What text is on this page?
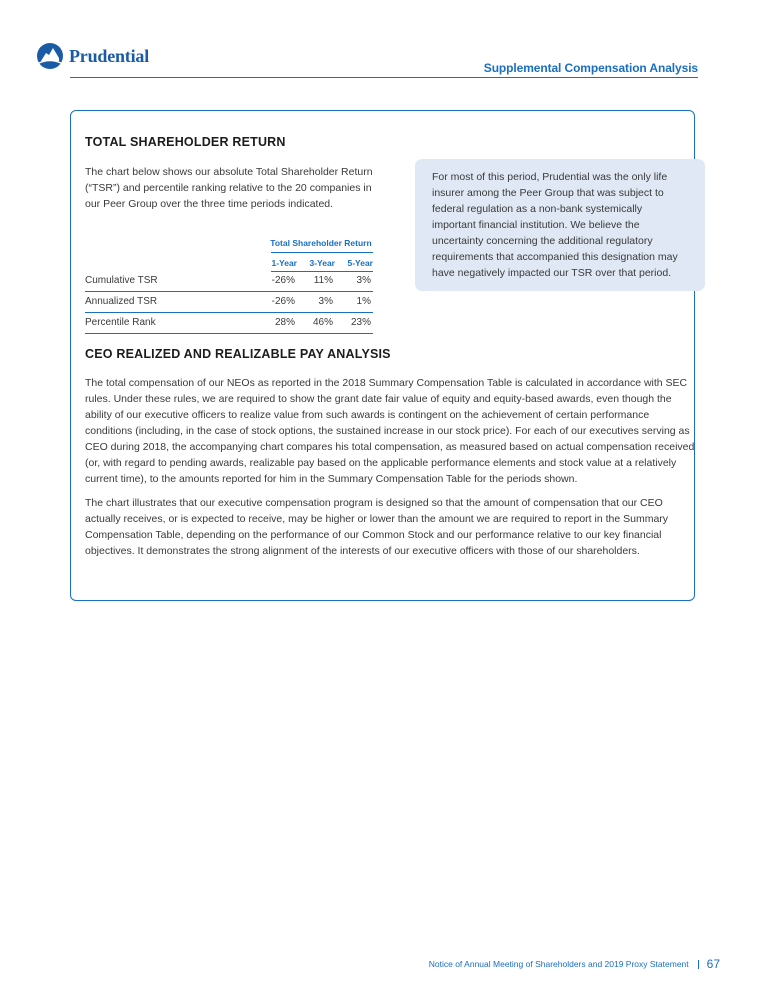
Prudential
Supplemental Compensation Analysis
TOTAL SHAREHOLDER RETURN

The chart below shows our absolute Total Shareholder Return (“TSR”) and percentile ranking relative to the 20 companies in our Peer Group over the three time periods indicated.

Total Shareholder Return
1-Year	3-Year	5-Year
Cumulative TSR	-26%	11%	3%
Annualized TSR	-26%	3%	1%
Percentile Rank	28%	46%	23%
For most of this period, Prudential was the only life insurer among the Peer Group that was subject to federal regulation as a non-bank systemically important financial institution. We believe the uncertainty concerning the additional regulatory requirements that accompanied this designation may have negatively impacted our TSR over that period.
CEO REALIZED AND REALIZABLE PAY ANALYSIS

The total compensation of our NEOs as reported in the 2018 Summary Compensation Table is calculated in accordance with SEC rules. Under these rules, we are required to show the grant date fair value of equity and equity-based awards, even though the ability of our executive officers to realize value from such awards is contingent on the achievement of certain performance conditions (including, in the case of stock options, the sustained increase in our stock price). For each of our executives serving as CEO during 2018, the accompanying chart compares his total compensation, as measured based on actual compensation received (or, with regard to pending awards, realizable pay based on the applicable performance elements and stock value at a relatively current time), to the amounts reported for him in the Summary Compensation Table for the periods shown.

The chart illustrates that our executive compensation program is designed so that the amount of compensation that our CEO actually receives, or is expected to receive, may be higher or lower than the amount we are required to report in the Summary Compensation Table, depending on the performance of our Common Stock and our performance relative to our key financial objectives. It demonstrates the strong alignment of the interests of our executive officers with those of our shareholders.

Notice of Annual Meeting of Shareholders and 2019 Proxy Statement 67
